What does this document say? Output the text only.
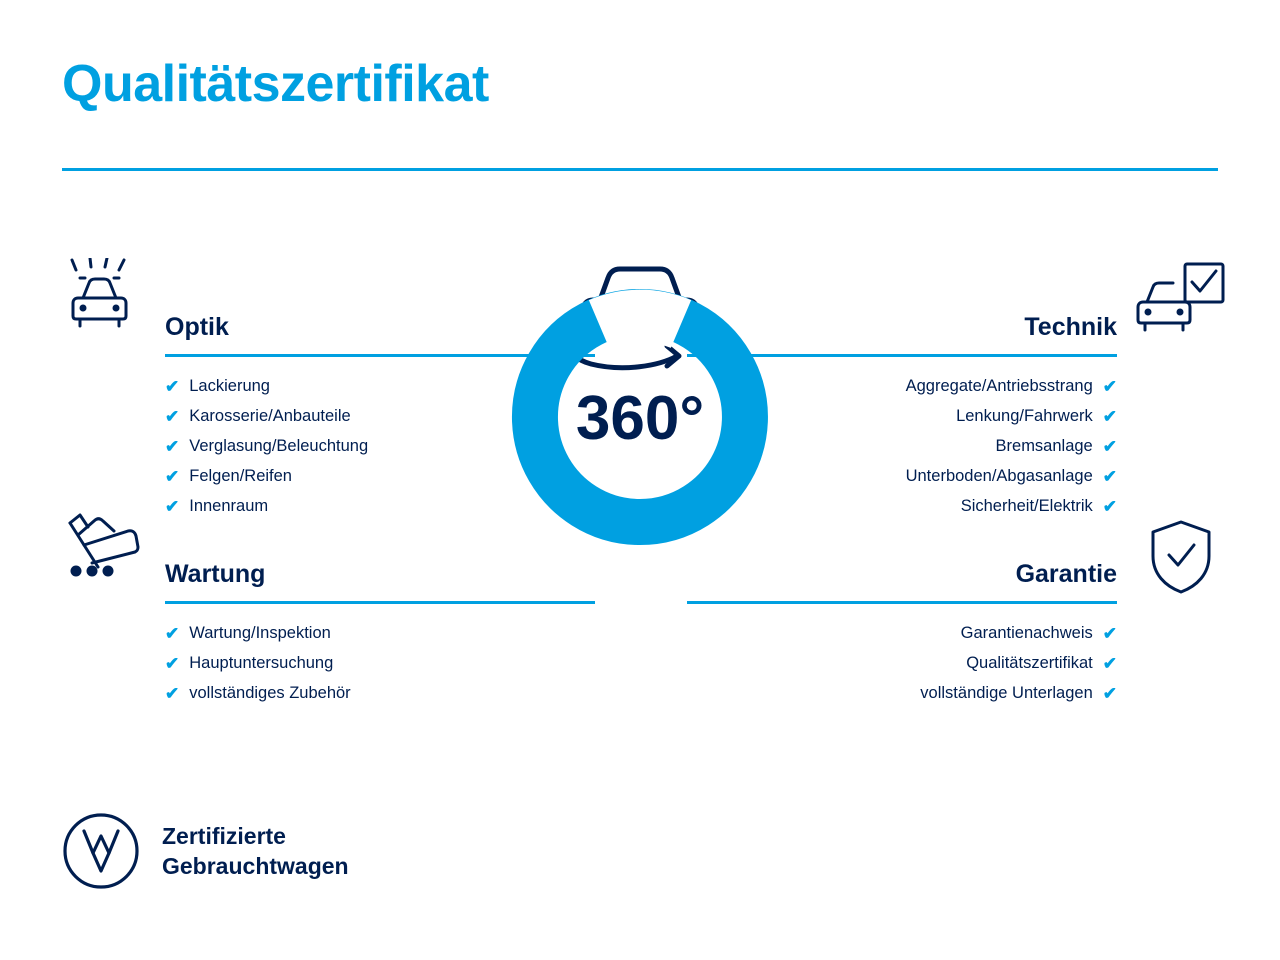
Qualitätszertifikat
360°
Gebrauchtwagen-Check
Optik
✔ Lackierung
✔ Karosserie/Anbauteile
✔ Verglasung/Beleuchtung
✔ Felgen/Reifen
✔ Innenraum
Wartung
✔ Wartung/Inspektion
✔ Hauptuntersuchung
✔ vollständiges Zubehör
Technik
Aggregate/Antriebsstrang ✔
Lenkung/Fahrwerk ✔
Bremsanlage ✔
Unterboden/Abgasanlage ✔
Sicherheit/Elektrik ✔
Garantie
Garantienachweis ✔
Qualitätszertifikat ✔
vollständige Unterlagen ✔
Zertifizierte
Gebrauchtwagen
